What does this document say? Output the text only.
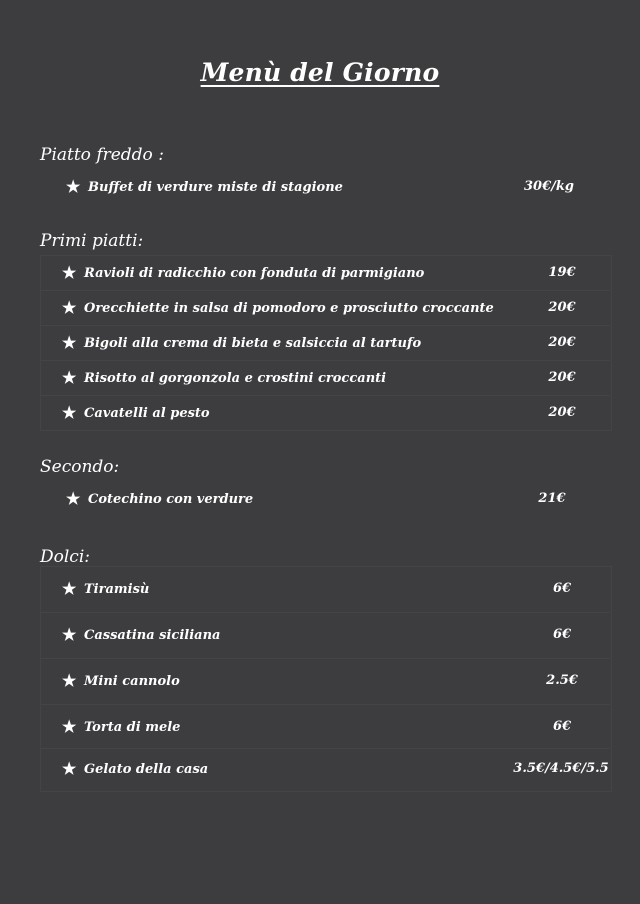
Menù del Giorno
Piatto freddo :
★ Buffet di verdure miste di stagione	30€/kg
Primi piatti:
★ Ravioli di radicchio con fonduta di parmigiano	19€
★ Orecchiette in salsa di pomodoro e prosciutto croccante	20€
★ Bigoli alla crema di bieta e salsiccia al tartufo	20€
★ Risotto al gorgonzola e crostini croccanti	20€
★ Cavatelli al pesto	20€
Secondo:
★ Cotechino con verdure	21€
Dolci:
★ Tiramisù	6€
★ Cassatina siciliana	6€
★ Mini cannolo	2.5€
★ Torta di mele	6€
★ Gelato della casa	3.5€/4.5€/5.5
